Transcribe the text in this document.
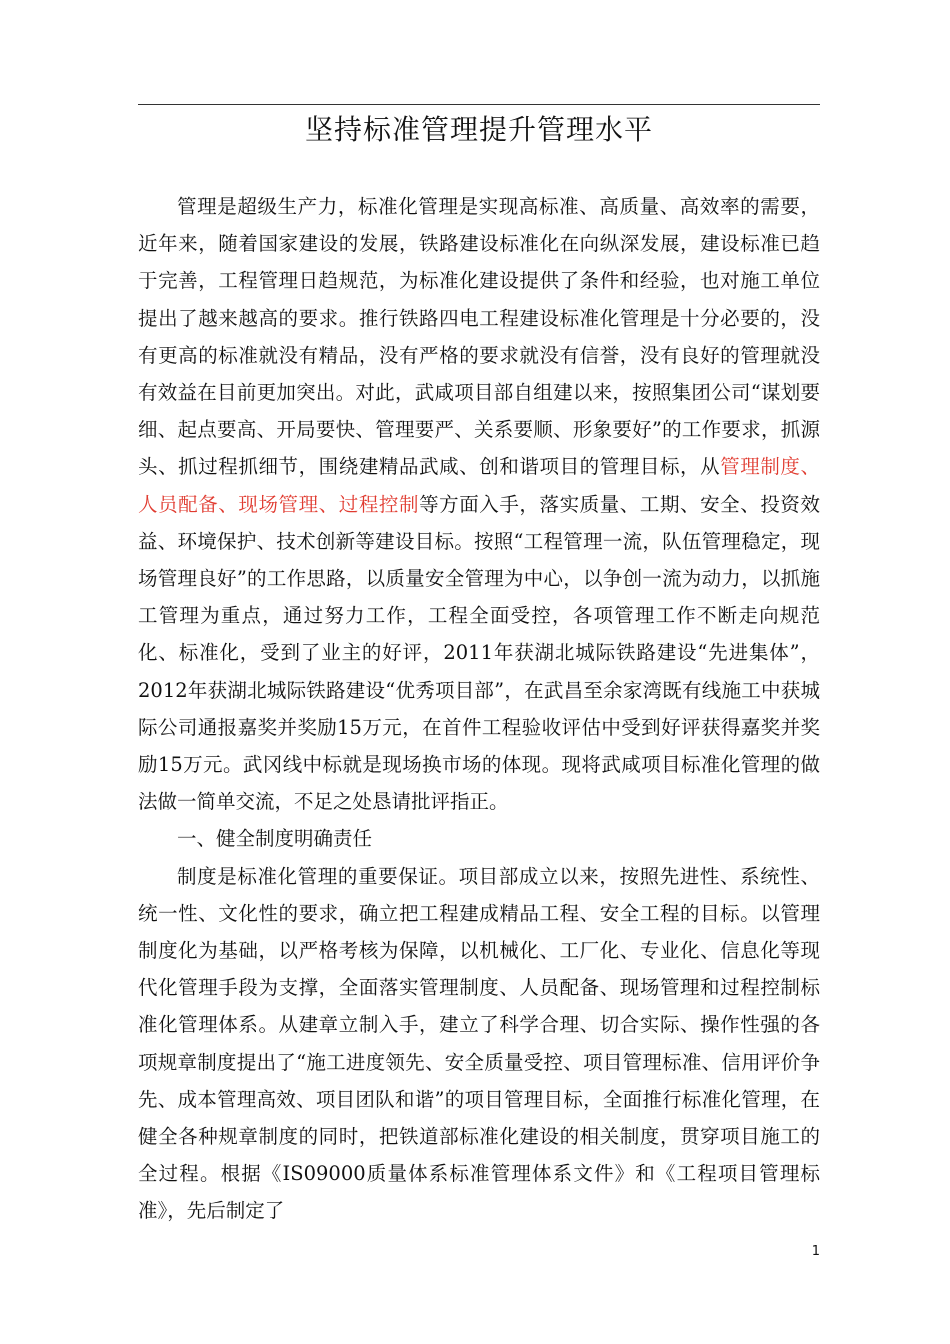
坚持标准管理提升管理水平

管理是超级生产力，标准化管理是实现高标准、高质量、高效率的需要，近年来，随着国家建设的发展，铁路建设标准化在向纵深发展，建设标准已趋于完善，工程管理日趋规范，为标准化建设提供了条件和经验，也对施工单位提出了越来越高的要求。推行铁路四电工程建设标准化管理是十分必要的，没有更高的标准就没有精品，没有严格的要求就没有信誉，没有良好的管理就没有效益在目前更加突出。对此，武咸项目部自组建以来，按照集团公司“谋划要细、起点要高、开局要快、管理要严、关系要顺、形象要好”的工作要求，抓源头、抓过程抓细节，围绕建精品武咸、创和谐项目的管理目标，从管理制度、人员配备、现场管理、过程控制等方面入手，落实质量、工期、安全、投资效益、环境保护、技术创新等建设目标。按照“工程管理一流，队伍管理稳定，现场管理良好”的工作思路，以质量安全管理为中心，以争创一流为动力，以抓施工管理为重点，通过努力工作，工程全面受控，各项管理工作不断走向规范化、标准化，受到了业主的好评，2011年获湖北城际铁路建设“先进集体”，2012年获湖北城际铁路建设“优秀项目部”，在武昌至余家湾既有线施工中获城际公司通报嘉奖并奖励15万元，在首件工程验收评估中受到好评获得嘉奖并奖励15万元。武冈线中标就是现场换市场的体现。现将武咸项目标准化管理的做法做一简单交流，不足之处恳请批评指正。

一、健全制度明确责任

制度是标准化管理的重要保证。项目部成立以来，按照先进性、系统性、统一性、文化性的要求，确立把工程建成精品工程、安全工程的目标。以管理制度化为基础，以严格考核为保障，以机械化、工厂化、专业化、信息化等现代化管理手段为支撑，全面落实管理制度、人员配备、现场管理和过程控制标准化管理体系。从建章立制入手，建立了科学合理、切合实际、操作性强的各项规章制度提出了“施工进度领先、安全质量受控、项目管理标准、信用评价争先、成本管理高效、项目团队和谐”的项目管理目标，全面推行标准化管理，在健全各种规章制度的同时，把铁道部标准化建设的相关制度，贯穿项目施工的全过程。根据《IS09000质量体系标准管理体系文件》和《工程项目管理标准》，先后制定了

1
